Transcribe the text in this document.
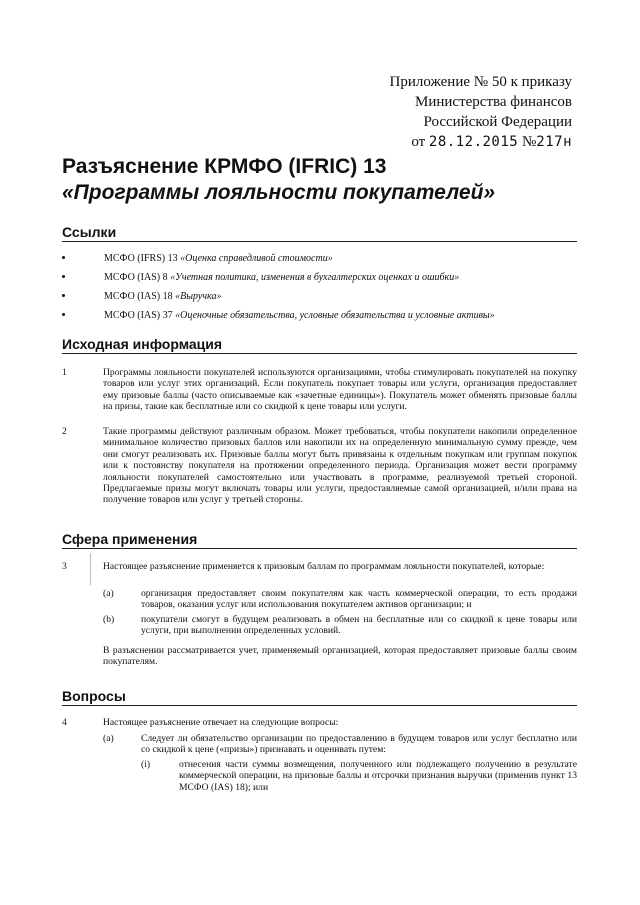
Приложение № 50 к приказу
Министерства финансов
Российской Федерации
от 28.12.2015 №217н
Разъяснение КРМФО (IFRIC) 13
«Программы лояльности покупателей»
Ссылки
МСФО (IFRS) 13 «Оценка справедливой стоимости»
МСФО (IAS) 8 «Учетная политика, изменения в бухгалтерских оценках и ошибки»
МСФО (IAS) 18 «Выручка»
МСФО (IAS) 37 «Оценочные обязательства, условные обязательства и условные активы»
Исходная информация
1	Программы лояльности покупателей используются организациями, чтобы стимулировать покупателей на покупку товаров или услуг этих организаций. Если покупатель покупает товары или услуги, организация предоставляет ему призовые баллы (часто описываемые как «зачетные единицы»). Покупатель может обменять призовые баллы на призы, такие как бесплатные или со скидкой к цене товары или услуги.
2	Такие программы действуют различным образом. Может требоваться, чтобы покупатели накопили определенное минимальное количество призовых баллов или накопили их на определенную минимальную сумму прежде, чем они смогут реализовать их. Призовые баллы могут быть привязаны к отдельным покупкам или группам покупок или к постоянству покупателя на протяжении определенного периода. Организация может вести программу лояльности покупателей самостоятельно или участвовать в программе, реализуемой третьей стороной. Предлагаемые призы могут включать товары или услуги, предоставляемые самой организацией, и/или права на получение товаров или услуг у третьей стороны.
Сфера применения
3	Настоящее разъяснение применяется к призовым баллам по программам лояльности покупателей, которые:
(a)	организация предоставляет своим покупателям как часть коммерческой операции, то есть продажи товаров, оказания услуг или использования покупателем активов организации; и
(b)	покупатели смогут в будущем реализовать в обмен на бесплатные или со скидкой к цене товары или услуги, при выполнении определенных условий.
В разъяснении рассматривается учет, применяемый организацией, которая предоставляет призовые баллы своим покупателям.
Вопросы
4	Настоящее разъяснение отвечает на следующие вопросы:
(a)	Следует ли обязательство организации по предоставлению в будущем товаров или услуг бесплатно или со скидкой к цене («призы») признавать и оценивать путем:
(i)	отнесения части суммы возмещения, полученного или подлежащего получению в результате коммерческой операции, на призовые баллы и отсрочки признания выручки (применив пункт 13 МСФО (IAS) 18); или
